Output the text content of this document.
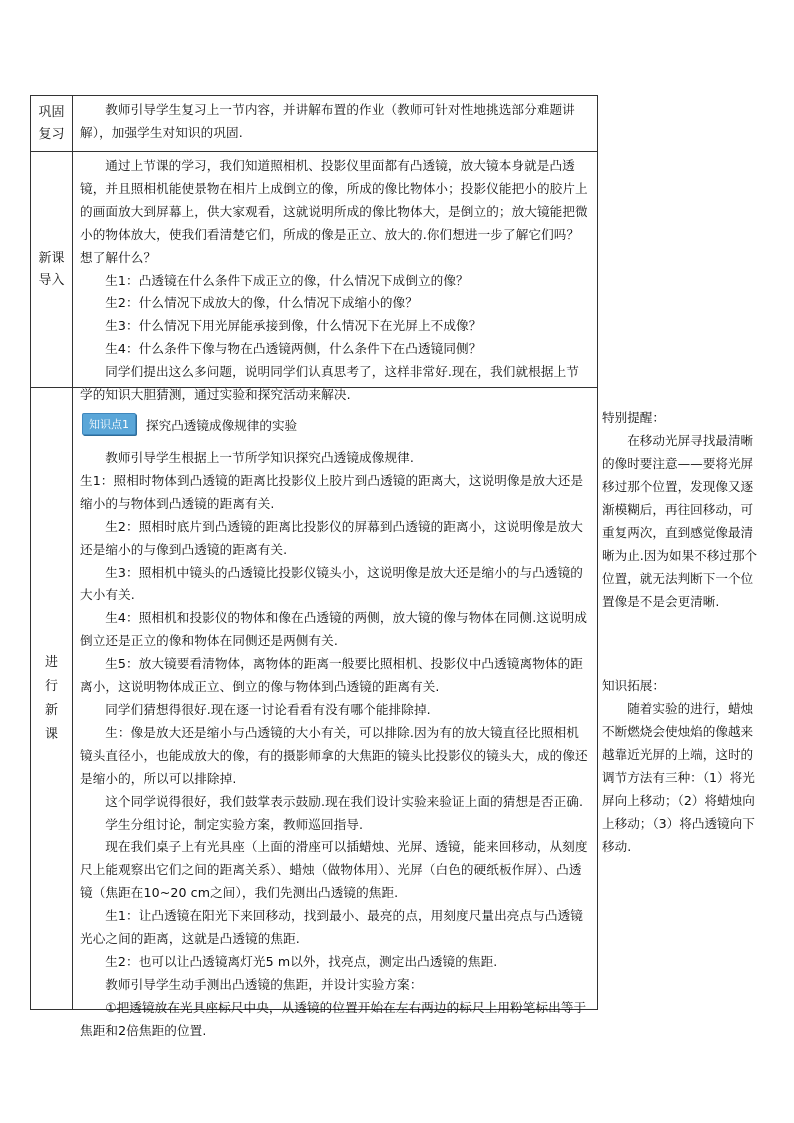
巩固复习

教师引导学生复习上一节内容，并讲解布置的作业（教师可针对性地挑选部分难题讲解），加强学生对知识的巩固.

新课导入

通过上节课的学习，我们知道照相机、投影仪里面都有凸透镜，放大镜本身就是凸透镜，并且照相机能使景物在相片上成倒立的像，所成的像比物体小；投影仪能把小的胶片上的画面放大到屏幕上，供大家观看，这就说明所成的像比物体大，是倒立的；放大镜能把微小的物体放大，使我们看清楚它们，所成的像是正立、放大的.你们想进一步了解它们吗？想了解什么？

生1：凸透镜在什么条件下成正立的像，什么情况下成倒立的像？

生2：什么情况下成放大的像，什么情况下成缩小的像？

生3：什么情况下用光屏能承接到像，什么情况下在光屏上不成像？

生4：什么条件下像与物在凸透镜两侧，什么条件下在凸透镜同侧？

同学们提出这么多问题，说明同学们认真思考了，这样非常好.现在，我们就根据上节学的知识大胆猜测，通过实验和探究活动来解决.

进行新课
知识点1	探究凸透镜成像规律的实验

教师引导学生根据上一节所学知识探究凸透镜成像规律.

生1：照相时物体到凸透镜的距离比投影仪上胶片到凸透镜的距离大，这说明像是放大还是缩小的与物体到凸透镜的距离有关.

生2：照相时底片到凸透镜的距离比投影仪的屏幕到凸透镜的距离小，这说明像是放大还是缩小的与像到凸透镜的距离有关.

生3：照相机中镜头的凸透镜比投影仪镜头小，这说明像是放大还是缩小的与凸透镜的大小有关.

生4：照相机和投影仪的物体和像在凸透镜的两侧，放大镜的像与物体在同侧.这说明成倒立还是正立的像和物体在同侧还是两侧有关.

生5：放大镜要看清物体，离物体的距离一般要比照相机、投影仪中凸透镜离物体的距离小，这说明物体成正立、倒立的像与物体到凸透镜的距离有关.

同学们猜想得很好.现在逐一讨论看看有没有哪个能排除掉.

生：像是放大还是缩小与凸透镜的大小有关，可以排除.因为有的放大镜直径比照相机镜头直径小，也能成放大的像，有的摄影师拿的大焦距的镜头比投影仪的镜头大，成的像还是缩小的，所以可以排除掉.

这个同学说得很好，我们鼓掌表示鼓励.现在我们设计实验来验证上面的猜想是否正确.

学生分组讨论，制定实验方案，教师巡回指导.

现在我们桌子上有光具座（上面的滑座可以插蜡烛、光屏、透镜，能来回移动，从刻度尺上能观察出它们之间的距离关系）、蜡烛（做物体用）、光屏（白色的硬纸板作屏）、凸透镜（焦距在10~20 cm之间），我们先测出凸透镜的焦距.

生1：让凸透镜在阳光下来回移动，找到最小、最亮的点，用刻度尺量出亮点与凸透镜光心之间的距离，这就是凸透镜的焦距.

生2：也可以让凸透镜离灯光5 m以外，找亮点，测定出凸透镜的焦距.

教师引导学生动手测出凸透镜的焦距，并设计实验方案：

①把透镜放在光具座标尺中央，从透镜的位置开始在左右两边的标尺上用粉笔标出等于焦距和2倍焦距的位置.

特别提醒：

在移动光屏寻找最清晰的像时要注意——要将光屏移过那个位置，发现像又逐渐模糊后，再往回移动，可重复两次，直到感觉像最清晰为止.因为如果不移过那个位置，就无法判断下一个位置像是不是会更清晰.

知识拓展：

随着实验的进行，蜡烛不断燃烧会使烛焰的像越来越靠近光屏的上端，这时的调节方法有三种：（1）将光屏向上移动；（2）将蜡烛向上移动；（3）将凸透镜向下移动.
